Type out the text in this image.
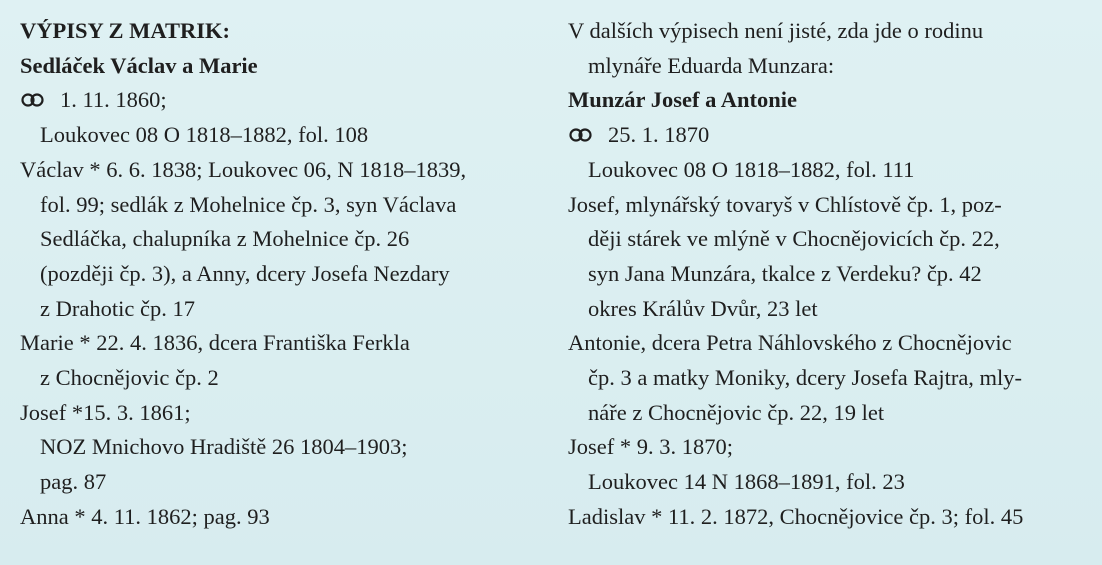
VÝPISY Z MATRIK:
Sedláček Václav a Marie
1. 11. 1860;
Loukovec 08 O 1818–1882, fol. 108
Václav * 6. 6. 1838; Loukovec 06, N 1818–1839,
fol. 99; sedlák z Mohelnice čp. 3, syn Václava
Sedláčka, chalupníka z Mohelnice čp. 26
(později čp. 3), a Anny, dcery Josefa Nezdary
z Drahotic čp. 17
Marie * 22. 4. 1836, dcera Františka Ferkla
z Chocnějovic čp. 2
Josef *15. 3. 1861;
NOZ Mnichovo Hradiště 26 1804–1903;
pag. 87
Anna * 4. 11. 1862; pag. 93
V dalších výpisech není jisté, zda jde o rodinu
mlynáře Eduarda Munzara:
Munzár Josef a Antonie
25. 1. 1870
Loukovec 08 O 1818–1882, fol. 111
Josef, mlynářský tovaryš v Chlístově čp. 1, poz-
ději stárek ve mlýně v Chocnějovicích čp. 22,
syn Jana Munzára, tkalce z Verdeku? čp. 42
okres Králův Dvůr, 23 let
Antonie, dcera Petra Náhlovského z Chocnějovic
čp. 3 a matky Moniky, dcery Josefa Rajtra, mly-
náře z Chocnějovic čp. 22, 19 let
Josef * 9. 3. 1870;
Loukovec 14 N 1868–1891, fol. 23
Ladislav * 11. 2. 1872, Chocnějovice čp. 3; fol. 45
